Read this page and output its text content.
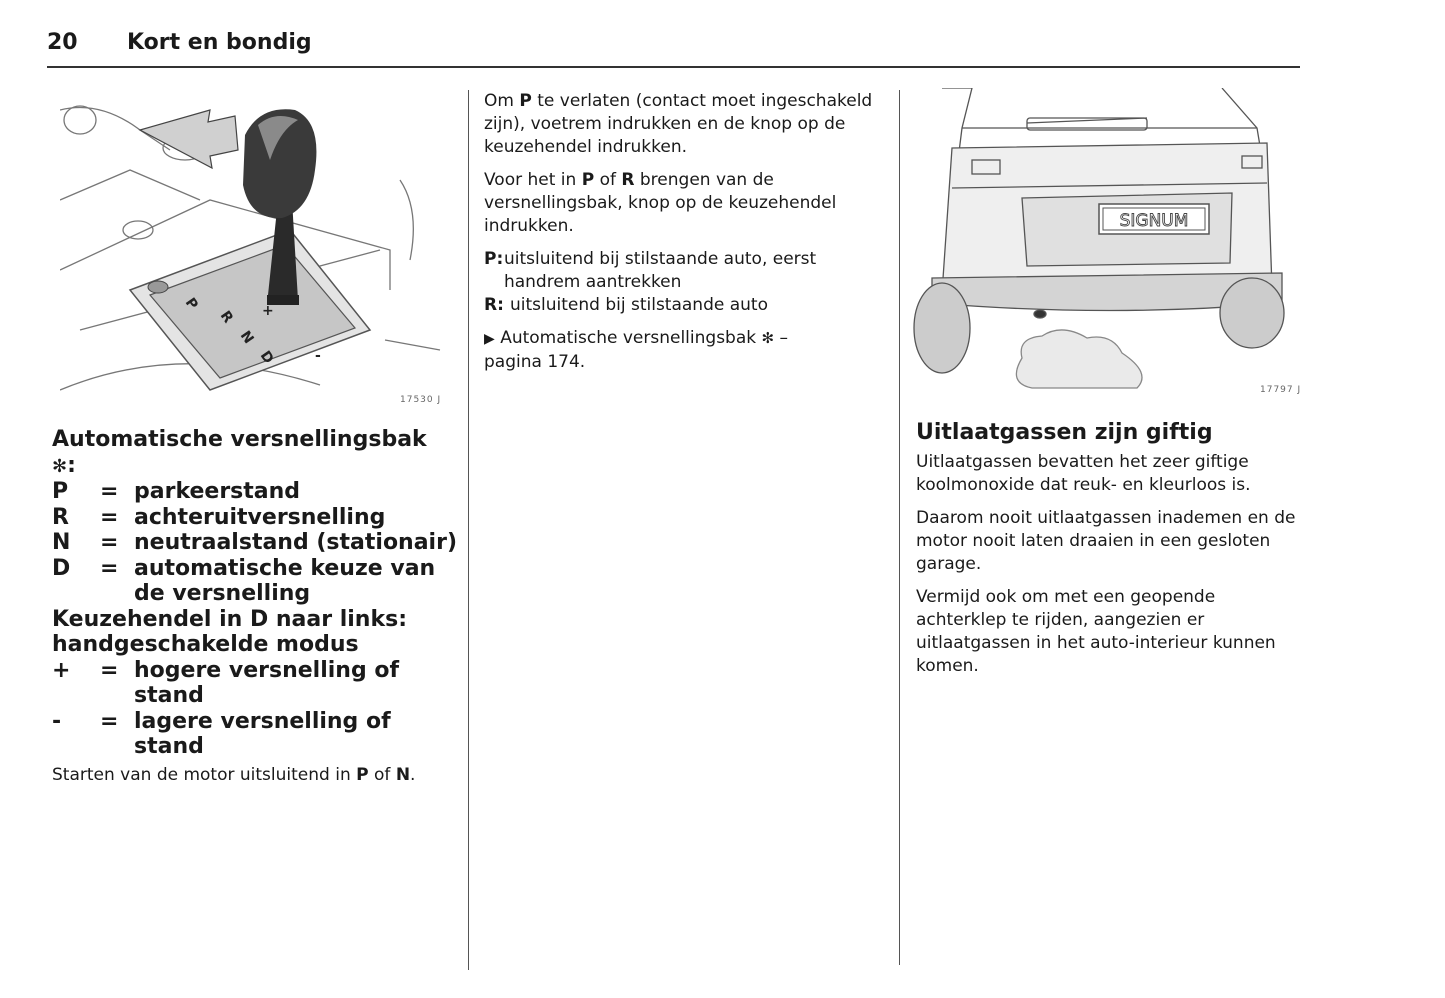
20 Kort en bondig
P
R
N
D
+
-
17530 J
Automatische versnellingsbak ✻:
P	= parkeerstand
R	= achteruitversnelling
N	= neutraalstand (stationair)
D	= automatische keuze van de versnelling
Keuzehendel in D naar links: handgeschakelde modus
+	= hogere versnelling of stand
-	= lagere versnelling of stand
Starten van de motor uitsluitend in P of N.

Om P te verlaten (contact moet ingeschakeld zijn), voetrem indrukken en de knop op de keuzehendel indrukken.

Voor het in P of R brengen van de versnellingsbak, knop op de keuzehendel indrukken.

P: uitsluitend bij stilstaande auto, eerst handrem aantrekken
R: uitsluitend bij stilstaande auto
▶ Automatische versnellingsbak ✻ –
pagina 174.
SIGNUM
17797 J
Uitlaatgassen zijn giftig

Uitlaatgassen bevatten het zeer giftige koolmonoxide dat reuk- en kleurloos is.

Daarom nooit uitlaatgassen inademen en de motor nooit laten draaien in een gesloten garage.

Vermijd ook om met een geopende achterklep te rijden, aangezien er uitlaatgassen in het auto-interieur kunnen komen.
